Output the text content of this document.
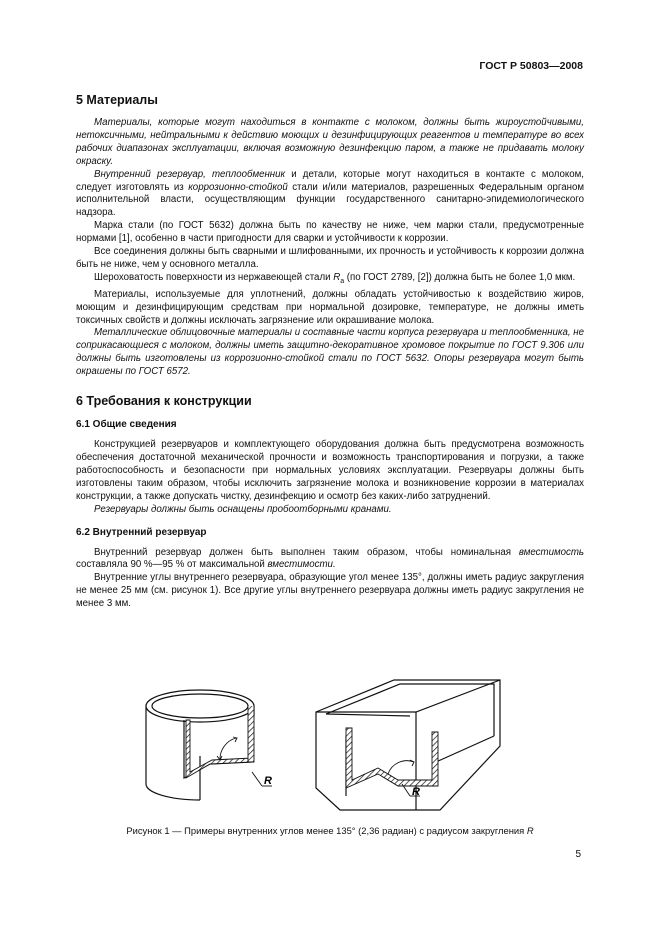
ГОСТ Р 50803—2008
5 Материалы

Материалы, которые могут находиться в контакте с молоком, должны быть жироустойчивыми, нетоксичными, нейтральными к действию моющих и дезинфицирующих реагентов и температуре во всех рабочих диапазонах эксплуатации, включая возможную дезинфекцию паром, а также не придавать молоку окраску.

Внутренний резервуар, теплообменник и детали, которые могут находиться в контакте с молоком, следует изготовлять из коррозионно-стойкой стали и/или материалов, разрешенных Федеральным органом исполнительной власти, осуществляющим функции государственного санитарно-эпидемиологического надзора.

Марка стали (по ГОСТ 5632) должна быть по качеству не ниже, чем марки стали, предусмотренные нормами [1], особенно в части пригодности для сварки и устойчивости к коррозии.

Все соединения должны быть сварными и шлифованными, их прочность и устойчивость к коррозии должна быть не ниже, чем у основного металла.

Шероховатость поверхности из нержавеющей стали $R_a$ (по ГОСТ 2789, [2]) должна быть не более 1,0 мкм.

Материалы, используемые для уплотнений, должны обладать устойчивостью к воздействию жиров, моющим и дезинфицирующим средствам при нормальной дозировке, температуре, не должны иметь токсичных свойств и должны исключать загрязнение или окрашивание молока.

Металлические облицовочные материалы и составные части корпуса резервуара и теплообменника, не соприкасающиеся с молоком, должны иметь защитно-декоративное хромовое покрытие по ГОСТ 9.306 или должны быть изготовлены из коррозионно-стойкой стали по ГОСТ 5632. Опоры резервуара могут быть окрашены по ГОСТ 6572.

6 Требования к конструкции
6.1 Общие сведения

Конструкцией резервуаров и комплектующего оборудования должна быть предусмотрена возможность обеспечения достаточной механической прочности и возможность транспортирования и погрузки, а также работоспособность и безопасности при нормальных условиях эксплуатации. Резервуары должны быть изготовлены таким образом, чтобы исключить загрязнение молока и возникновение коррозии в материалах конструкции, а также допускать чистку, дезинфекцию и осмотр без каких-либо затруднений.

Резервуары должны быть оснащены пробоотборными кранами.

6.2 Внутренний резервуар

Внутренний резервуар должен быть выполнен таким образом, чтобы номинальная вместимость составляла 90 %—95 % от максимальной вместимости.

Внутренние углы внутреннего резервуара, образующие угол менее 135°, должны иметь радиус закругления не менее 25 мм (см. рисунок 1). Все другие углы внутреннего резервуара должны иметь радиус закругления не менее 3 мм.

R
R
Рисунок 1 — Примеры внутренних углов менее 135° (2,36 радиан) с радиусом закругления R
5
